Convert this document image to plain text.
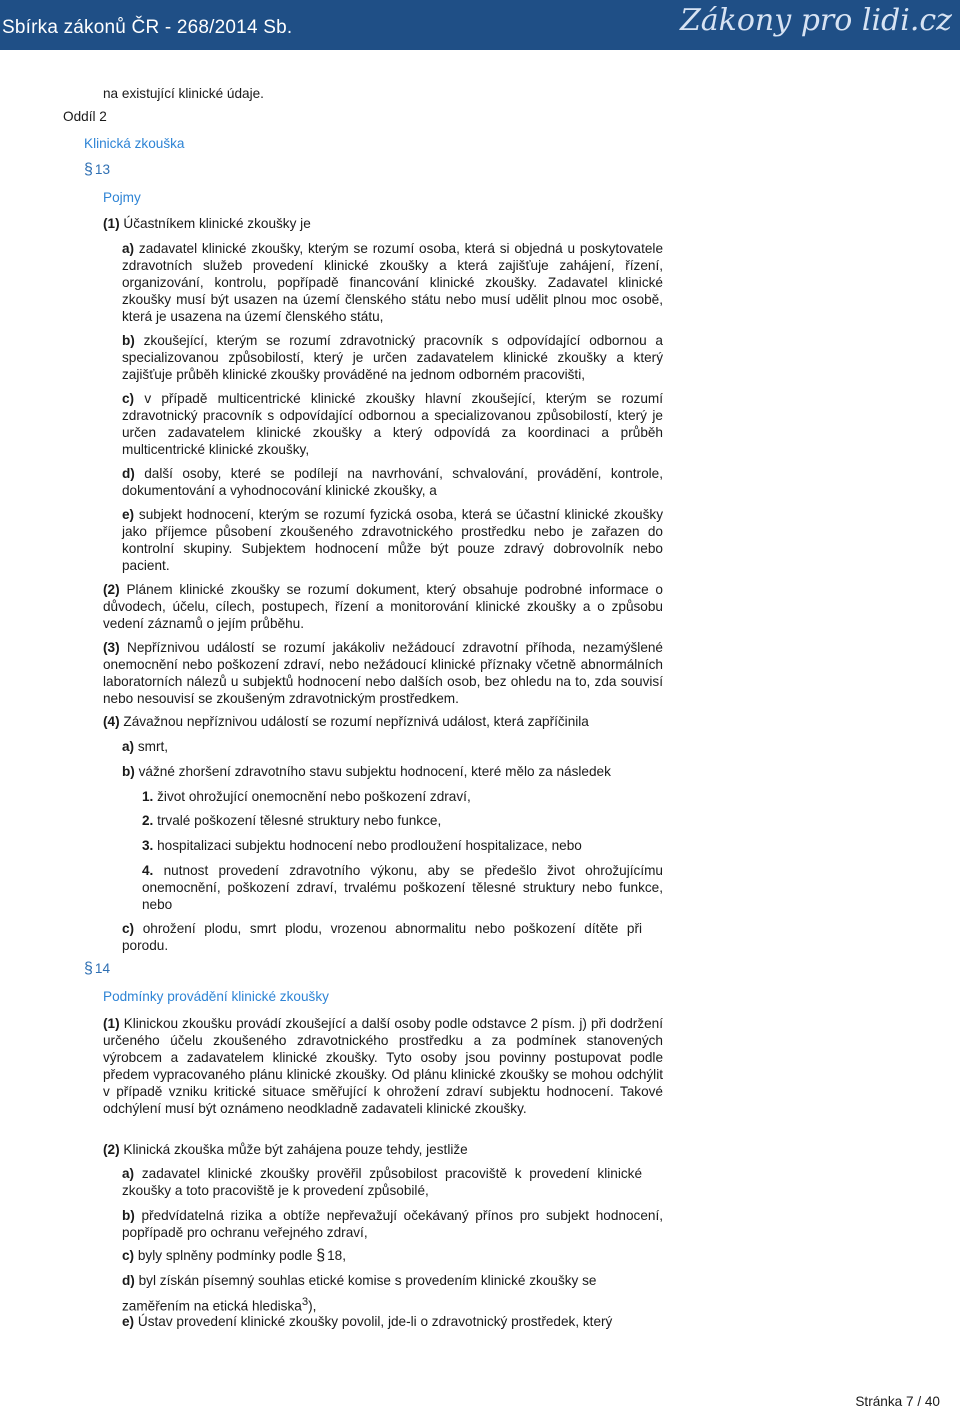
Sbírka zákonů ČR - 268/2014 Sb.	Zákony pro lidi.cz
na existující klinické údaje.
Oddíl 2
Klinická zkouška
§ 13
Pojmy
(1) Účastníkem klinické zkoušky je
a) zadavatel klinické zkoušky, kterým se rozumí osoba, která si objedná u poskytovatele zdravotních služeb provedení klinické zkoušky a která zajišťuje zahájení, řízení, organizování, kontrolu, popřípadě financování klinické zkoušky. Zadavatel klinické zkoušky musí být usazen na území členského státu nebo musí udělit plnou moc osobě, která je usazena na území členského státu,
b) zkoušející, kterým se rozumí zdravotnický pracovník s odpovídající odbornou a specializovanou způsobilostí, který je určen zadavatelem klinické zkoušky a který zajišťuje průběh klinické zkoušky prováděné na jednom odborném pracovišti,
c) v případě multicentrické klinické zkoušky hlavní zkoušející, kterým se rozumí zdravotnický pracovník s odpovídající odbornou a specializovanou způsobilostí, který je určen zadavatelem klinické zkoušky a který odpovídá za koordinaci a průběh multicentrické klinické zkoušky,
d) další osoby, které se podílejí na navrhování, schvalování, provádění, kontrole, dokumentování a vyhodnocování klinické zkoušky, a
e) subjekt hodnocení, kterým se rozumí fyzická osoba, která se účastní klinické zkoušky jako příjemce působení zkoušeného zdravotnického prostředku nebo je zařazen do kontrolní skupiny. Subjektem hodnocení může být pouze zdravý dobrovolník nebo pacient.
(2) Plánem klinické zkoušky se rozumí dokument, který obsahuje podrobné informace o důvodech, účelu, cílech, postupech, řízení a monitorování klinické zkoušky a o způsobu vedení záznamů o jejím průběhu.
(3) Nepříznivou událostí se rozumí jakákoliv nežádoucí zdravotní příhoda, nezamýšlené onemocnění nebo poškození zdraví, nebo nežádoucí klinické příznaky včetně abnormálních laboratorních nálezů u subjektů hodnocení nebo dalších osob, bez ohledu na to, zda souvisí nebo nesouvisí se zkoušeným zdravotnickým prostředkem.
(4) Závažnou nepříznivou událostí se rozumí nepříznivá událost, která zapříčinila
a) smrt,
b) vážné zhoršení zdravotního stavu subjektu hodnocení, které mělo za následek
1. život ohrožující onemocnění nebo poškození zdraví,
2. trvalé poškození tělesné struktury nebo funkce,
3. hospitalizaci subjektu hodnocení nebo prodloužení hospitalizace, nebo
4. nutnost provedení zdravotního výkonu, aby se předešlo život ohrožujícímu onemocnění, poškození zdraví, trvalému poškození tělesné struktury nebo funkce, nebo
c) ohrožení plodu, smrt plodu, vrozenou abnormalitu nebo poškození dítěte při porodu.
§ 14
Podmínky provádění klinické zkoušky
(1) Klinickou zkoušku provádí zkoušející a další osoby podle odstavce 2 písm. j) při dodržení určeného účelu zkoušeného zdravotnického prostředku a za podmínek stanovených výrobcem a zadavatelem klinické zkoušky. Tyto osoby jsou povinny postupovat podle předem vypracovaného plánu klinické zkoušky. Od plánu klinické zkoušky se mohou odchýlit v případě vzniku kritické situace směřující k ohrožení zdraví subjektu hodnocení. Takové odchýlení musí být oznámeno neodkladně zadavateli klinické zkoušky.
(2) Klinická zkouška může být zahájena pouze tehdy, jestliže
a) zadavatel klinické zkoušky prověřil způsobilost pracoviště k provedení klinické zkoušky a toto pracoviště je k provedení způsobilé,
b) předvídatelná rizika a obtíže nepřevažují očekávaný přínos pro subjekt hodnocení, popřípadě pro ochranu veřejného zdraví,
c) byly splněny podmínky podle § 18,
d) byl získán písemný souhlas etické komise s provedením klinické zkoušky se
zaměřením na etická hlediska$^3$),
e) Ústav provedení klinické zkoušky povolil, jde-li o zdravotnický prostředek, který
Stránka 7 / 40
